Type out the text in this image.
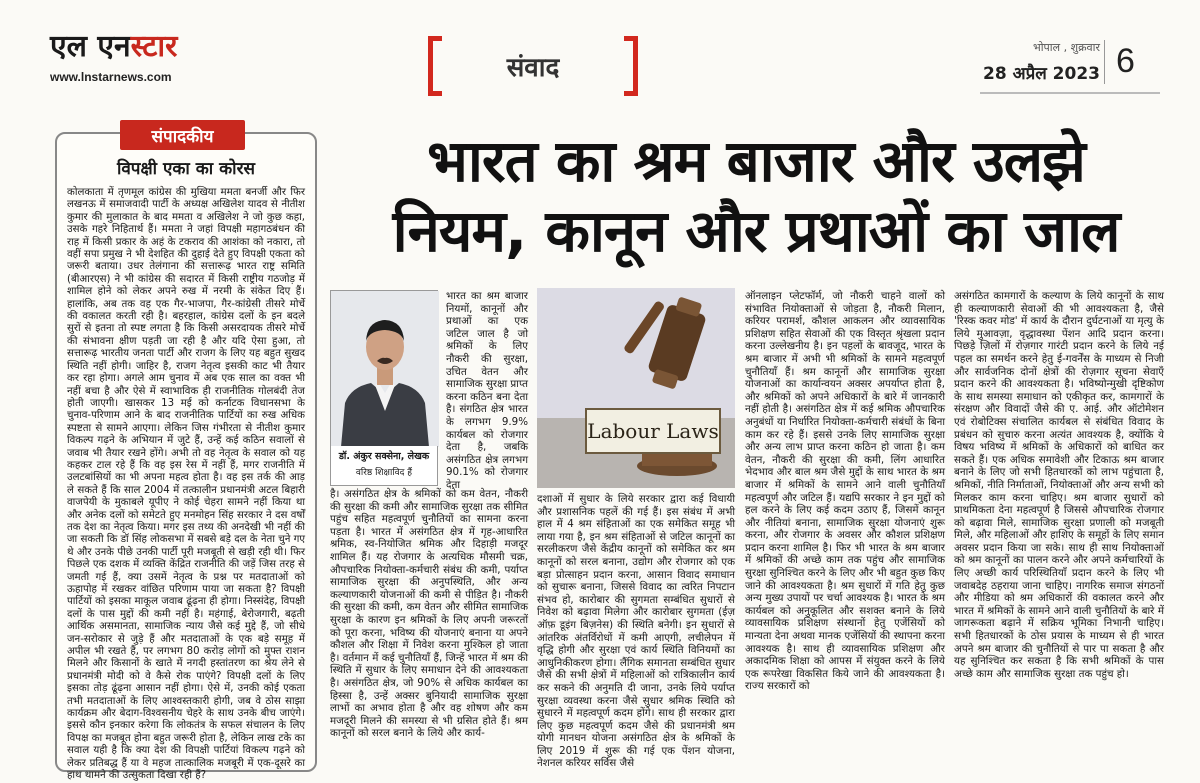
एल एनस्टार
www.lnstarnews.com	संवाद
भोपाल , शुक्रवार
28 अप्रैल 2023 6
संपादकीय
विपक्षी एका का कोरस
कोलकाता में तृणमूल कांग्रेस की मुखिया ममता बनर्जी और फिर लखनऊ में समाजवादी पार्टी के अध्यक्ष अखिलेश यादव से नीतीश कुमार की मुलाकात के बाद ममता व अखिलेश ने जो कुछ कहा, उसके गहरे निहितार्थ हैं। ममता ने जहां विपक्षी महागठबंधन की राह में किसी प्रकार के अहं के टकराव की आशंका को नकारा, तो वहीं सपा प्रमुख ने भी देशहित की दुहाई देते हुए विपक्षी एकता को जरूरी बताया। उधर तेलंगाना की सत्तारूढ़ भारत राष्ट्र समिति (बीआरएस) ने भी कांग्रेस की सदारत में किसी राष्ट्रीय गठजोड़ में शामिल होने को लेकर अपने रुख में नरमी के संकेत दिए हैं। हालांकि, अब तक वह एक गैर-भाजपा, गैर-कांग्रेसी तीसरे मोर्चे की वकालत करती रही है। बहरहाल, कांग्रेस दलों के इन बदले सुरों से इतना तो स्पष्ट लगता है कि किसी असरदायक तीसरे मोर्चे की संभावना क्षीण पड़ती जा रही है और यदि ऐसा हुआ, तो सत्तारूढ़ भारतीय जनता पार्टी और राजग के लिए यह बहुत सुखद स्थिति नहीं होगी। जाहिर है, राजग नेतृत्व इसकी काट भी तैयार कर रहा होगा। अगले आम चुनाव में अब एक साल का वक्त भी नहीं बचा है और ऐसे में स्वाभाविक ही राजनीतिक गोलबंदी तेज होती जाएगी। खासकर 13 मई को कर्नाटक विधानसभा के चुनाव-परिणाम आने के बाद राजनीतिक पार्टियों का रुख अधिक स्पष्टता से सामने आएगा। लेकिन जिस गंभीरता से नीतीश कुमार विकल्प गढ़ने के अभियान में जुटे हैं, उन्हें कई कठिन सवालों से जवाब भी तैयार रखने होंगे। अभी तो वह नेतृत्व के सवाल को यह कहकर टाल रहे हैं कि वह इस रेस में नहीं हैं, मगर राजनीति में उलटबांसियों का भी अपना महत्व होता है। वह इस तर्क की आड़ ले सकते हैं कि साल 2004 में तत्कालीन प्रधानमंत्री अटल बिहारी वाजपेयी के मुकाबले यूपीए ने कोई चेहरा सामने नहीं किया था और अनेक दलों को समेटते हुए मनमोहन सिंह सरकार ने दस वर्षों तक देश का नेतृत्व किया। मगर इस तथ्य की अनदेखी भी नहीं की जा सकती कि डॉ सिंह लोकसभा में सबसे बड़े दल के नेता चुने गए थे और उनके पीछे उनकी पार्टी पूरी मजबूती से खड़ी रही थी। फिर पिछले एक दशक में व्यक्ति केंद्रित राजनीति की जड़ें जिस तरह से जमती गई हैं, क्या उसमें नेतृत्व के प्रश्न पर मतदाताओं को ऊहापोह में रखकर वांछित परिणाम पाया जा सकता है? विपक्षी पार्टियों को इसका माकूल जवाब ढूंढ़ना ही होगा। निस्संदेह, विपक्षी दलों के पास मुद्दों की कमी नहीं है। महंगाई, बेरोजगारी, बढ़ती आर्थिक असमानता, सामाजिक न्याय जैसे कई मुद्दे हैं, जो सीधे जन-सरोकार से जुड़े हैं और मतदाताओं के एक बड़े समूह में अपील भी रखते हैं, पर लगभग 80 करोड़ लोगों को मुफ्त राशन मिलने और किसानों के खाते में नगदी हस्तांतरण का श्रेय लेने से प्रधानमंत्री मोदी को वे कैसे रोक पाएंगे? विपक्षी दलों के लिए इसका तोड़ ढूंढ़ना आसान नहीं होगा। ऐसे में, उनकी कोई एकता तभी मतदाताओं के लिए आश्वस्तकारी होगी, जब वे ठोस साझा कार्यक्रम और बेदाग-विश्वसनीय चेहरे के साथ उनके बीच जाएंगे। इससे कौन इनकार करेगा कि लोकतंत्र के सफल संचालन के लिए विपक्ष का मजबूत होना बहुत जरूरी होता है, लेकिन लाख टके का सवाल यही है कि क्या देश की विपक्षी पार्टियां विकल्प गढ़ने को लेकर प्रतिबद्ध हैं या वे महज तात्कालिक मजबूरी में एक-दूसरे का हाथ थामने की उत्सुकता दिखा रही हैं?
भारत का श्रम बाजार और उलझे
नियम, कानून और प्रथाओं का जाल
डॉ. अंकुर सक्सेना, लेखक
वरिष्ठ शिक्षाविद हैं
भारत का श्रम बाजार नियमों, कानूनों और प्रथाओं का एक जटिल जाल है जो श्रमिकों के लिए नौकरी की सुरक्षा, उचित वेतन और सामाजिक सुरक्षा प्राप्त करना कठिन बना देता है। संगठित क्षेत्र भारत के लगभग 9.9% कार्यबल को रोजगार देता है, जबकि असंगठित क्षेत्र लगभग 90.1% को रोजगार देता
है। असंगठित क्षेत्र के श्रमिकों को कम वेतन, नौकरी की सुरक्षा की कमी और सामाजिक सुरक्षा तक सीमित पहुंच सहित महत्वपूर्ण चुनौतियों का सामना करना पड़ता है। भारत में असंगठित क्षेत्र में गृह-आधारित श्रमिक, स्व-नियोजित श्रमिक और दिहाड़ी मजदूर शामिल हैं। यह रोजगार के अत्यधिक मौसमी चक्र, औपचारिक नियोक्ता-कर्मचारी संबंध की कमी, पर्याप्त सामाजिक सुरक्षा की अनुपस्थिति, और अन्य कल्याणकारी योजनाओं की कमी से पीड़ित है। नौकरी की सुरक्षा की कमी, कम वेतन और सीमित सामाजिक सुरक्षा के कारण इन श्रमिकों के लिए अपनी जरूरतों को पूरा करना, भविष्य की योजनाएं बनाना या अपने कौशल और शिक्षा में निवेश करना मुश्किल हो जाता है। वर्तमान में कई चुनौतियाँ हैं, जिन्हें भारत में श्रम की स्थिति में सुधार के लिए समाधान देने की आवश्यकता है। असंगठित क्षेत्र, जो 90% से अधिक कार्यबल का हिस्सा है, उन्हें अक्सर बुनियादी सामाजिक सुरक्षा लाभों का अभाव होता है और वह शोषण और कम मजदूरी मिलने की समस्या से भी ग्रसित होते हैं। श्रम कानूनों को सरल बनाने के लिये और कार्य-
Labour Laws
दशाओं में सुधार के लिये सरकार द्वारा कई विधायी और प्रशासनिक पहलें की गई हैं। इस संबंध में अभी हाल में 4 श्रम संहिताओं का एक समेकित समूह भी लाया गया है, इन श्रम संहिताओं से जटिल कानूनों का सरलीकरण जैसे केंद्रीय कानूनों को समेकित कर श्रम कानूनों को सरल बनाना, उद्योग और रोजगार को एक बड़ा प्रोत्साहन प्रदान करना, आसान विवाद समाधान को सुचारू बनाना, जिससे विवाद का त्वरित निपटान संभव हो, कारोबार की सुगमता सम्बंधित सुधारों से निवेश को बढ़ावा मिलेगा और कारोबार सुगमता (ईज़ ऑफ़ डूइंग बिज़नेस) की स्थिति बनेगी। इन सुधारों से आंतरिक अंतर्विरोधों में कमी आएगी, लचीलेपन में वृद्धि होगी और सुरक्षा एवं कार्य स्थिति विनियमों का आधुनिकीकरण होगा। लैंगिक समानता सम्बंधित सुधार जैसे की सभी क्षेत्रों में महिलाओं को रात्रिकालीन कार्य कर सकने की अनुमति दी जाना, उनके लिये पर्याप्त सुरक्षा व्यवस्था करना जैसे सुधार श्रमिक स्थिति को सुधारने में महत्वपूर्ण कदम होंगे। साथ ही सरकार द्वारा लिए कुछ महत्वपूर्ण कदम जैसे की प्रधानमंत्री श्रम योगी मानधन योजना असंगठित क्षेत्र के श्रमिकों के लिए 2019 में शुरू की गई एक पेंशन योजना, नेशनल करियर सर्विस जैसे
ऑनलाइन प्लेटफॉर्म, जो नौकरी चाहने वालों को संभावित नियोक्ताओं से जोड़ता है, नौकरी मिलान, करियर परामर्श, कौशल आकलन और व्यावसायिक प्रशिक्षण सहित सेवाओं की एक विस्तृत श्रृंखला प्रदान करना उल्लेखनीय है। इन पहलों के बावजूद, भारत के श्रम बाजार में अभी भी श्रमिकों के सामने महत्वपूर्ण चुनौतियाँ हैं। श्रम कानूनों और सामाजिक सुरक्षा योजनाओं का कार्यान्वयन अक्सर अपर्याप्त होता है, और श्रमिकों को अपने अधिकारों के बारे में जानकारी नहीं होती है। असंगठित क्षेत्र में कई श्रमिक औपचारिक अनुबंधों या निर्धारित नियोक्ता-कर्मचारी संबंधों के बिना काम कर रहे हैं। इससे उनके लिए सामाजिक सुरक्षा और अन्य लाभ प्राप्त करना कठिन हो जाता है। कम वेतन, नौकरी की सुरक्षा की कमी, लिंग आधारित भेदभाव और बाल श्रम जैसे मुद्दों के साथ भारत के श्रम बाजार में श्रमिकों के सामने आने वाली चुनौतियाँ महत्वपूर्ण और जटिल हैं। यद्यपि सरकार ने इन मुद्दों को हल करने के लिए कई कदम उठाए हैं, जिसमें कानून और नीतियां बनाना, सामाजिक सुरक्षा योजनाएं शुरू करना, और रोजगार के अवसर और कौशल प्रशिक्षण प्रदान करना शामिल है। फिर भी भारत के श्रम बाजार में श्रमिकों की अच्छे काम तक पहुंच और सामाजिक सुरक्षा सुनिश्चित करने के लिए और भी बहुत कुछ किए जाने की आवश्यकता है। श्रम सुधारों में गति हेतु कुछ अन्य मुख्य उपायों पर चर्चा आवश्यक है। भारत के श्रम कार्यबल को अनुकूलित और सशक्त बनाने के लिये व्यावसायिक प्रशिक्षण संस्थानों हेतु एजेंसियों को मान्यता देना अथवा मानक एजेंसियों की स्थापना करना आवश्यक है। साथ ही व्यावसायिक प्रशिक्षण और अकादमिक शिक्षा को आपस में संयुक्त करने के लिये एक रूपरेखा विकसित किये जाने की आवश्यकता है। राज्य सरकारों को
असंगठित कामगारों के कल्याण के लिये कानूनों के साथ ही कल्याणकारी सेवाओं की भी आवश्यकता है, जैसे 'रिस्क कवर मोड' में कार्य के दौरान दुर्घटनाओं या मृत्यु के लिये मुआवज़ा, वृद्धावस्था पेंशन आदि प्रदान करना। पिछड़े ज़िलों में रोज़गार गारंटी प्रदान करने के लिये नई पहल का समर्थन करने हेतु ई-गवर्नेंस के माध्यम से निजी और सार्वजनिक दोनों क्षेत्रों की रोज़गार सूचना सेवाएँ प्रदान करने की आवश्यकता है। भविष्योन्मुखी दृष्टिकोण के साथ समस्या समाधान को एकीकृत कर, कामगारों के संरक्षण और विवादों जैसे की ए. आई. और ऑटोमेशन एवं रोबोटिक्स संचालित कार्यबल से संबंधित विवाद के प्रबंधन को सुचारु करना अत्यंत आवश्यक है, क्योंकि ये विषय भविष्य में श्रमिकों के अधिकारों को बाधित कर सकते हैं। एक अधिक समावेशी और टिकाऊ श्रम बाजार बनाने के लिए जो सभी हितधारकों को लाभ पहुंचाता है, श्रमिकों, नीति निर्माताओं, नियोक्ताओं और अन्य सभी को मिलकर काम करना चाहिए। श्रम बाजार सुधारों को प्राथमिकता देना महत्वपूर्ण है जिससे औपचारिक रोजगार को बढ़ावा मिले, सामाजिक सुरक्षा प्रणाली को मजबूती मिले, और महिलाओं और हाशिए के समूहों के लिए समान अवसर प्रदान किया जा सके। साथ ही साथ नियोक्ताओं को श्रम कानूनों का पालन करने और अपने कर्मचारियों के लिए अच्छी कार्य परिस्थितियाँ प्रदान करने के लिए भी जवाबदेह ठहराया जाना चाहिए। नागरिक समाज संगठनों और मीडिया को श्रम अधिकारों की वकालत करने और भारत में श्रमिकों के सामने आने वाली चुनौतियों के बारे में जागरूकता बढ़ाने में सक्रिय भूमिका निभानी चाहिए। सभी हितधारकों के ठोस प्रयास के माध्यम से ही भारत अपने श्रम बाजार की चुनौतियों से पार पा सकता है और यह सुनिश्चित कर सकता है कि सभी श्रमिकों के पास अच्छे काम और सामाजिक सुरक्षा तक पहुंच हो।
